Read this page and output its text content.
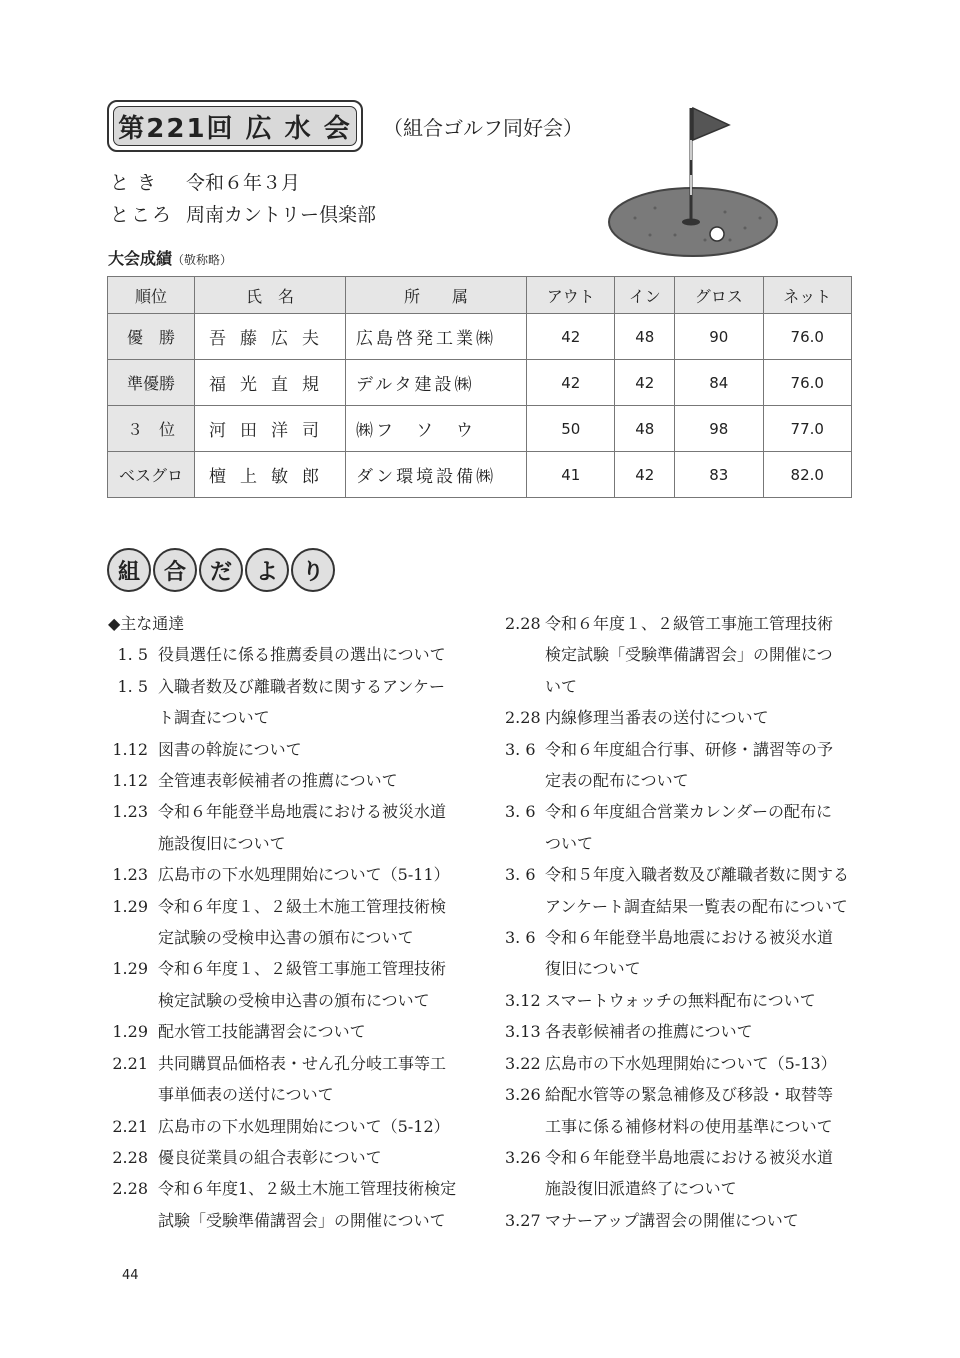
第221回 広 水 会 （組合ゴルフ同好会）
とき 令和６年３月
ところ 周南カントリー倶楽部
大会成績（敬称略）
順位	氏　名	所　　属	アウト	イン	グロス	ネット
優　勝	吾藤広夫	広島啓発工業㈱	42	48	90	76.0
準優勝	福光直規	デルタ建設㈱	42	42	84	76.0
３　位	河田洋司	㈱フ　ソ　ウ	50	48	98	77.0
ベスグロ	檀上敏郎	ダン環境設備㈱	41	42	83	82.0
組	合	だ	よ	り
◆主な通達
1. 5 役員選任に係る推薦委員の選出について
1. 5 入職者数及び離職者数に関するアンケー
ト調査について
1.12 図書の斡旋について
1.12 全管連表彰候補者の推薦について
1.23 令和６年能登半島地震における被災水道
施設復旧について
1.23 広島市の下水処理開始について（5-11）
1.29 令和６年度１、２級土木施工管理技術検
定試験の受検申込書の頒布について
1.29 令和６年度１、２級管工事施工管理技術
検定試験の受検申込書の頒布について
1.29 配水管工技能講習会について
2.21 共同購買品価格表・せん孔分岐工事等工
事単価表の送付について
2.21 広島市の下水処理開始について（5-12）
2.28 優良従業員の組合表彰について
2.28 令和６年度1、２級土木施工管理技術検定
試験「受験準備講習会」の開催について
2.28 令和６年度１、２級管工事施工管理技術
検定試験「受験準備講習会」の開催につ
いて
2.28 内線修理当番表の送付について
3. 6 令和６年度組合行事、研修・講習等の予
定表の配布について
3. 6 令和６年度組合営業カレンダーの配布に
ついて
3. 6 令和５年度入職者数及び離職者数に関する
アンケート調査結果一覧表の配布について
3. 6 令和６年能登半島地震における被災水道
復旧について
3.12 スマートウォッチの無料配布について
3.13 各表彰候補者の推薦について
3.22 広島市の下水処理開始について（5-13）
3.26 給配水管等の緊急補修及び移設・取替等
工事に係る補修材料の使用基準について
3.26 令和６年能登半島地震における被災水道
施設復旧派遣終了について
3.27 マナーアップ講習会の開催について
44
